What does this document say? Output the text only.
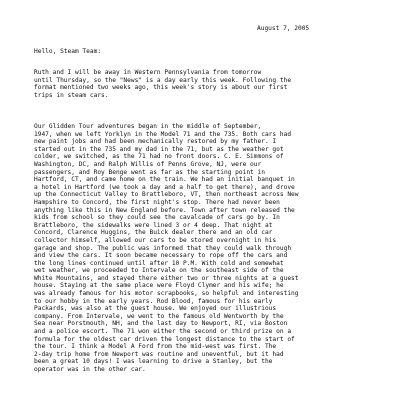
August 7, 2005
Hello, Steam Team:

Ruth and I will be away in Western Pennsylvania from tomorrow
until Thursday, so the "News" is a day early this week. Following the
format mentioned two weeks ago, this week's story is about our first
trips in steam cars.

Our Glidden Tour adventures began in the middle of September,
1947, when we left Yorklyn in the Model 71 and the 735. Both cars had
new paint jobs and had been mechanically restored by my father. I
started out in the 735 and my dad in the 71, but as the weather got
colder, we switched, as the 71 had no front doors. C. E. Simmons of
Washington, DC, and Ralph Willis of Penns Grove, NJ, were our
passengers, and Roy Benge went as far as the starting point in
Hartford, CT, and came home on the train. We had an initial banquet in
a hotel in Hartford (we took a day and a half to get there), and drove
up the Connecticut Valley to Brattleboro, VT, then northeast across New
Hampshire to Concord, the first night's stop. There had never been
anything like this in New England before. Town after town released the
kids from school so they could see the cavalcade of cars go by. In
Brattleboro, the sidewalks were lined 3 or 4 deep. That night at
Concord, Clarence Huggins, the Buick dealer there and an old car
collector himself, allowed our cars to be stored overnight in his
garage and shop. The public was informed that they could walk through
and view the cars. It soon became necessary to rope off the cars and
the long lines continued until after 10 P.M. With cold and somewhat
wet weather, we proceeded to Intervale on the southeast side of the
White Mountains, and stayed there either two or three nights at a guest
house. Staying at the same place were Floyd Clymer and his wife; he
was already famous for his motor scrapbooks, so helpful and interesting
to our hobby in the early years. Rod Blood, famous for his early
Packards, was also at the guest house. We enjoyed our illustrious
company. From Intervale, we went to the famous old Wentworth by the
Sea near Porstmouth, NH, and the last day to Newport, RI, via Boston
and a police escort. The 71 won either the second or third prize on a
formula for the oldest car driven the longest distance to the start of
the tour. I think a Model A Ford from the mid-west was first. The
2-day trip home from Newport was routine and uneventful, but it had
been a great 10 days! I was learning to drive a Stanley, but the
operator was in the other car.
